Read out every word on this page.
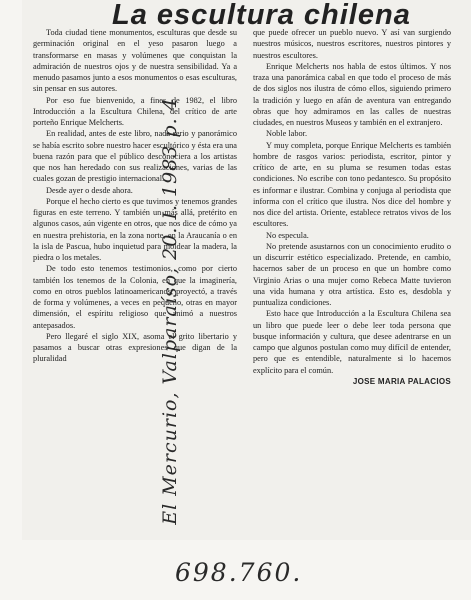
La escultura chilena

Toda ciudad tiene monumentos, esculturas que desde su germinación original en el yeso pasaron luego a transformarse en masas y volúmenes que conquistan la admiración de nuestros ojos y de nuestra sensibilidad. Ya a menudo pasamos junto a esos monumentos o esas esculturas, sin pensar en sus autores.

Por eso fue bienvenido, a fines de 1982, el libro Introducción a la Escultura Chilena, del crítico de arte porteño Enrique Melcherts.

En realidad, antes de este libro, nada serio y panorámico se había escrito sobre nuestro hacer escultórico y ésta era una buena razón para que el público desconociera a los artistas que nos han heredado con sus realizaciones, varias de las cuales gozan de prestigio internacional.

Desde ayer o desde ahora.

Porque el hecho cierto es que tuvimos y tenemos grandes figuras en este terreno. Y también un más allá, pretérito en algunos casos, aún vigente en otros, que nos dice de cómo ya en nuestra prehistoria, en la zona norte, en la Araucanía o en la isla de Pascua, hubo inquietud para moldear la madera, la piedra o los metales.

De todo esto tenemos testimonios, como por cierto también los tenemos de la Colonia, en que la imaginería, como en otros pueblos latinoamericanos, proyectó, a través de forma y volúmenes, a veces en pequeño, otras en mayor dimensión, el espíritu religioso que animó a nuestros antepasados.

Pero llegaré el siglo XIX, asoma el grito libertario y pasamos a buscar otras expresiones que digan de la pluralidad

que puede ofrecer un pueblo nuevo. Y así van surgiendo nuestros músicos, nuestros escritores, nuestros pintores y nuestros escultores.

Enrique Melcherts nos habla de estos últimos. Y nos traza una panorámica cabal en que todo el proceso de más de dos siglos nos ilustra de cómo ellos, siguiendo primero la tradición y luego en afán de aventura van entregando obras que hoy admiramos en las calles de nuestras ciudades, en nuestros Museos y también en el extranjero.

Noble labor.

Y muy completa, porque Enrique Melcherts es también hombre de rasgos varios: periodista, escritor, pintor y crítico de arte, en su pluma se resumen todas estas condiciones. No escribe con tono pedantesco. Su propósito es informar e ilustrar. Combina y conjuga al periodista que informa con el crítico que ilustra. Nos dice del hombre y nos dice del artista. Oriente, establece retratos vivos de los escultores.

No especula.

No pretende asustarnos con un conocimiento erudito o un discurrir estético especializado. Pretende, en cambio, hacernos saber de un proceso en que un hombre como Virginio Arias o una mujer como Rebeca Matte tuvieron una vida humana y otra artística. Esto es, desdobla y puntualiza condiciones.

Esto hace que Introducción a la Escultura Chilena sea un libro que puede leer o debe leer toda persona que busque información y cultura, que desee adentrarse en un campo que algunos postulan como muy difícil de entender, pero que es entendible, naturalmente si lo hacemos explícito para el común.

JOSE MARIA PALACIOS

El Mercurio, Valparaíso, 20. I. 1983 p. 4
698.760.
